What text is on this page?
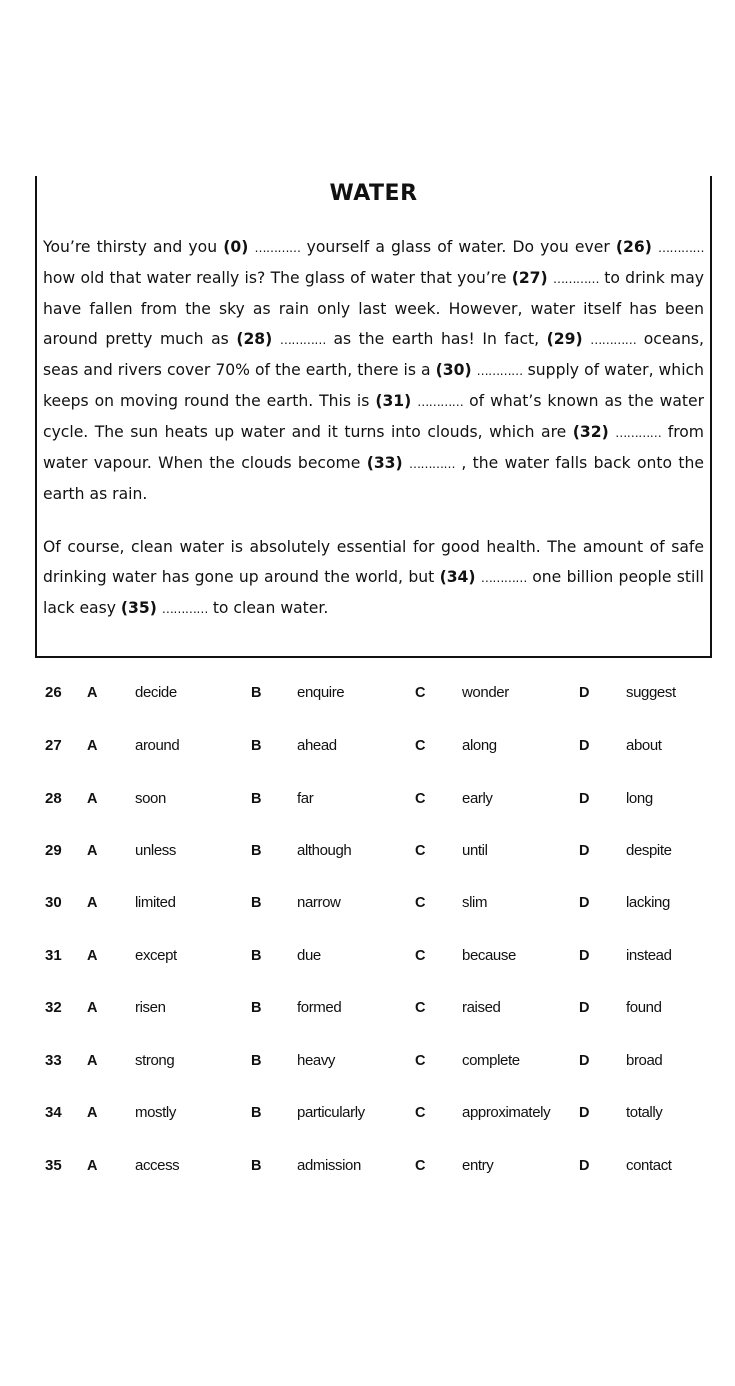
WATER
You’re thirsty and you (0) ………… yourself a glass of water. Do you ever (26) ………… how old that water really is? The glass of water that you’re (27) ………… to drink may have fallen from the sky as rain only last week. However, water itself has been around pretty much as (28) ………… as the earth has! In fact, (29) ………… oceans, seas and rivers cover 70% of the earth, there is a (30) ………… supply of water, which keeps on moving round the earth. This is (31) ………… of what’s known as the water cycle. The sun heats up water and it turns into clouds, which are (32) ………… from water vapour. When the clouds become (33) ………… , the water falls back onto the earth as rain.
Of course, clean water is absolutely essential for good health. The amount of safe drinking water has gone up around the world, but (34) ………… one billion people still lack easy (35) ………… to clean water.
26 A	decide	B enquire	C wonder	D suggest
27 A	around	B ahead	C along	D about
28 A	soon	B far	C early	D long
29 A	unless	B although	C until	D despite
30 A	limited	B narrow	C slim	D lacking
31 A	except	B due	C because	D instead
32 A	risen	B formed	C raised	D found
33 A	strong	B heavy	C complete	D broad
34 A	mostly	B particularly	C approximately D totally
35 A	access	B admission	C entry	D contact
